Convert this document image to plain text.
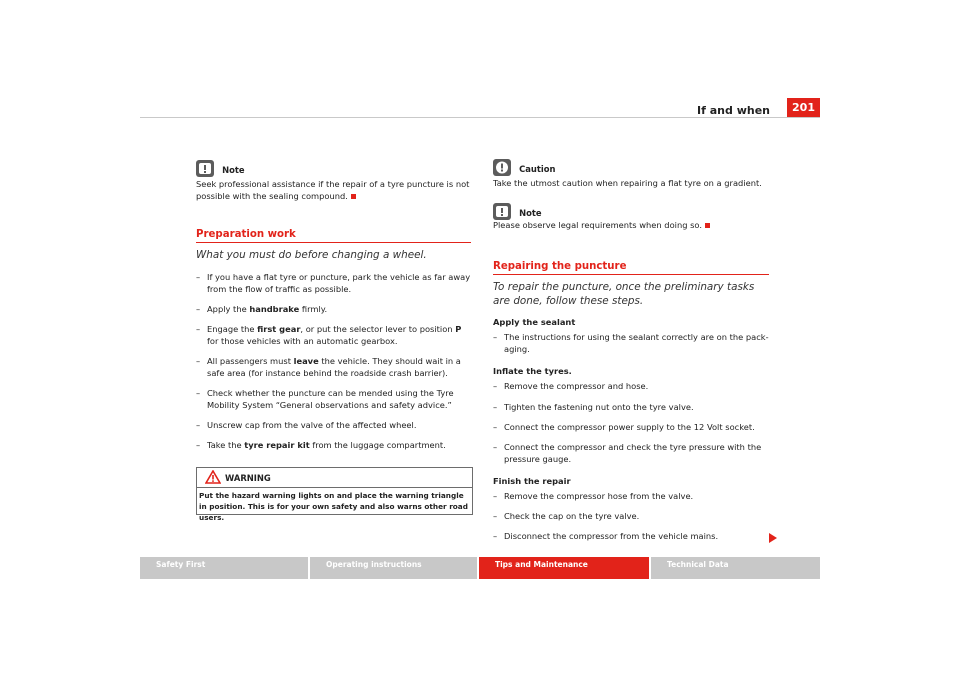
If and when	201
Note
Seek professional assistance if the repair of a tyre puncture is not possible with the sealing compound.
Preparation work
What you must do before changing a wheel.
– If you have a flat tyre or puncture, park the vehicle as far away from the flow of traffic as possible.
– Apply the handbrake firmly.
– Engage the first gear, or put the selector lever to position P for those vehicles with an automatic gearbox.
– All passengers must leave the vehicle. They should wait in a safe area (for instance behind the roadside crash barrier).
– Check whether the puncture can be mended using the Tyre Mobility System “General observations and safety advice.”
– Unscrew cap from the valve of the affected wheel.
– Take the tyre repair kit from the luggage compartment.
WARNING
Put the hazard warning lights on and place the warning triangle in position. This is for your own safety and also warns other road users.
Caution
Take the utmost caution when repairing a flat tyre on a gradient.
Note
Please observe legal requirements when doing so.
Repairing the puncture
To repair the puncture, once the preliminary tasks are done, follow these steps.
Apply the sealant
– The instructions for using the sealant correctly are on the pack-aging.
Inflate the tyres.
– Remove the compressor and hose.
– Tighten the fastening nut onto the tyre valve.
– Connect the compressor power supply to the 12 Volt socket.
– Connect the compressor and check the tyre pressure with the pressure gauge.
Finish the repair
– Remove the compressor hose from the valve.
– Check the cap on the tyre valve.
– Disconnect the compressor from the vehicle mains.
Safety First	Operating instructions	Tips and Maintenance	Technical Data
